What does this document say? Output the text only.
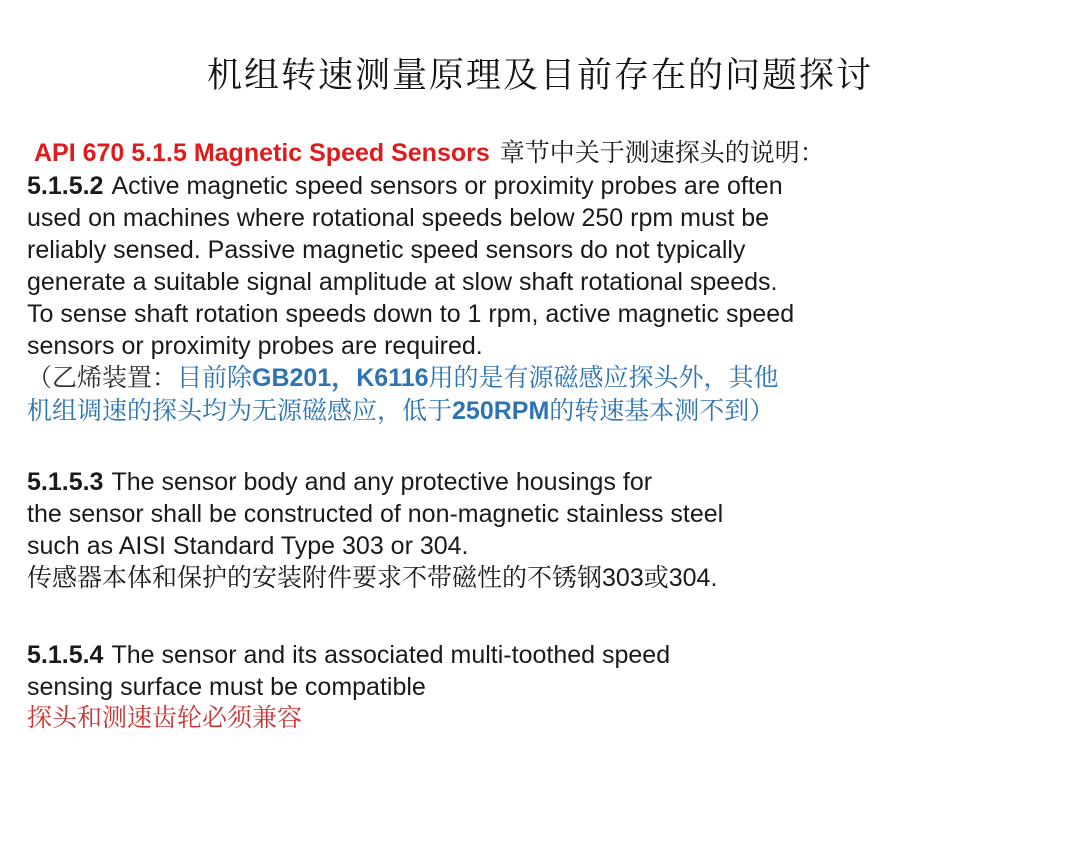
机组转速测量原理及目前存在的问题探讨
API 670 5.1.5 Magnetic Speed Sensors 章节中关于测速探头的说明：
5.1.5.2 Active magnetic speed sensors or proximity probes are often
used on machines where rotational speeds below 250 rpm must be
reliably sensed. Passive magnetic speed sensors do not typically
generate a suitable signal amplitude at slow shaft rotational speeds.
To sense shaft rotation speeds down to 1 rpm, active magnetic speed
sensors or proximity probes are required.
（乙烯装置：目前除GB201，K6116用的是有源磁感应探头外，其他
机组调速的探头均为无源磁感应，低于250RPM的转速基本测不到）
5.1.5.3 The sensor body and any protective housings for
the sensor shall be constructed of non-magnetic stainless steel
such as AISI Standard Type 303 or 304.
传感器本体和保护的安装附件要求不带磁性的不锈钢303或304.
5.1.5.4 The sensor and its associated multi-toothed speed
sensing surface must be compatible
探头和测速齿轮必须兼容
